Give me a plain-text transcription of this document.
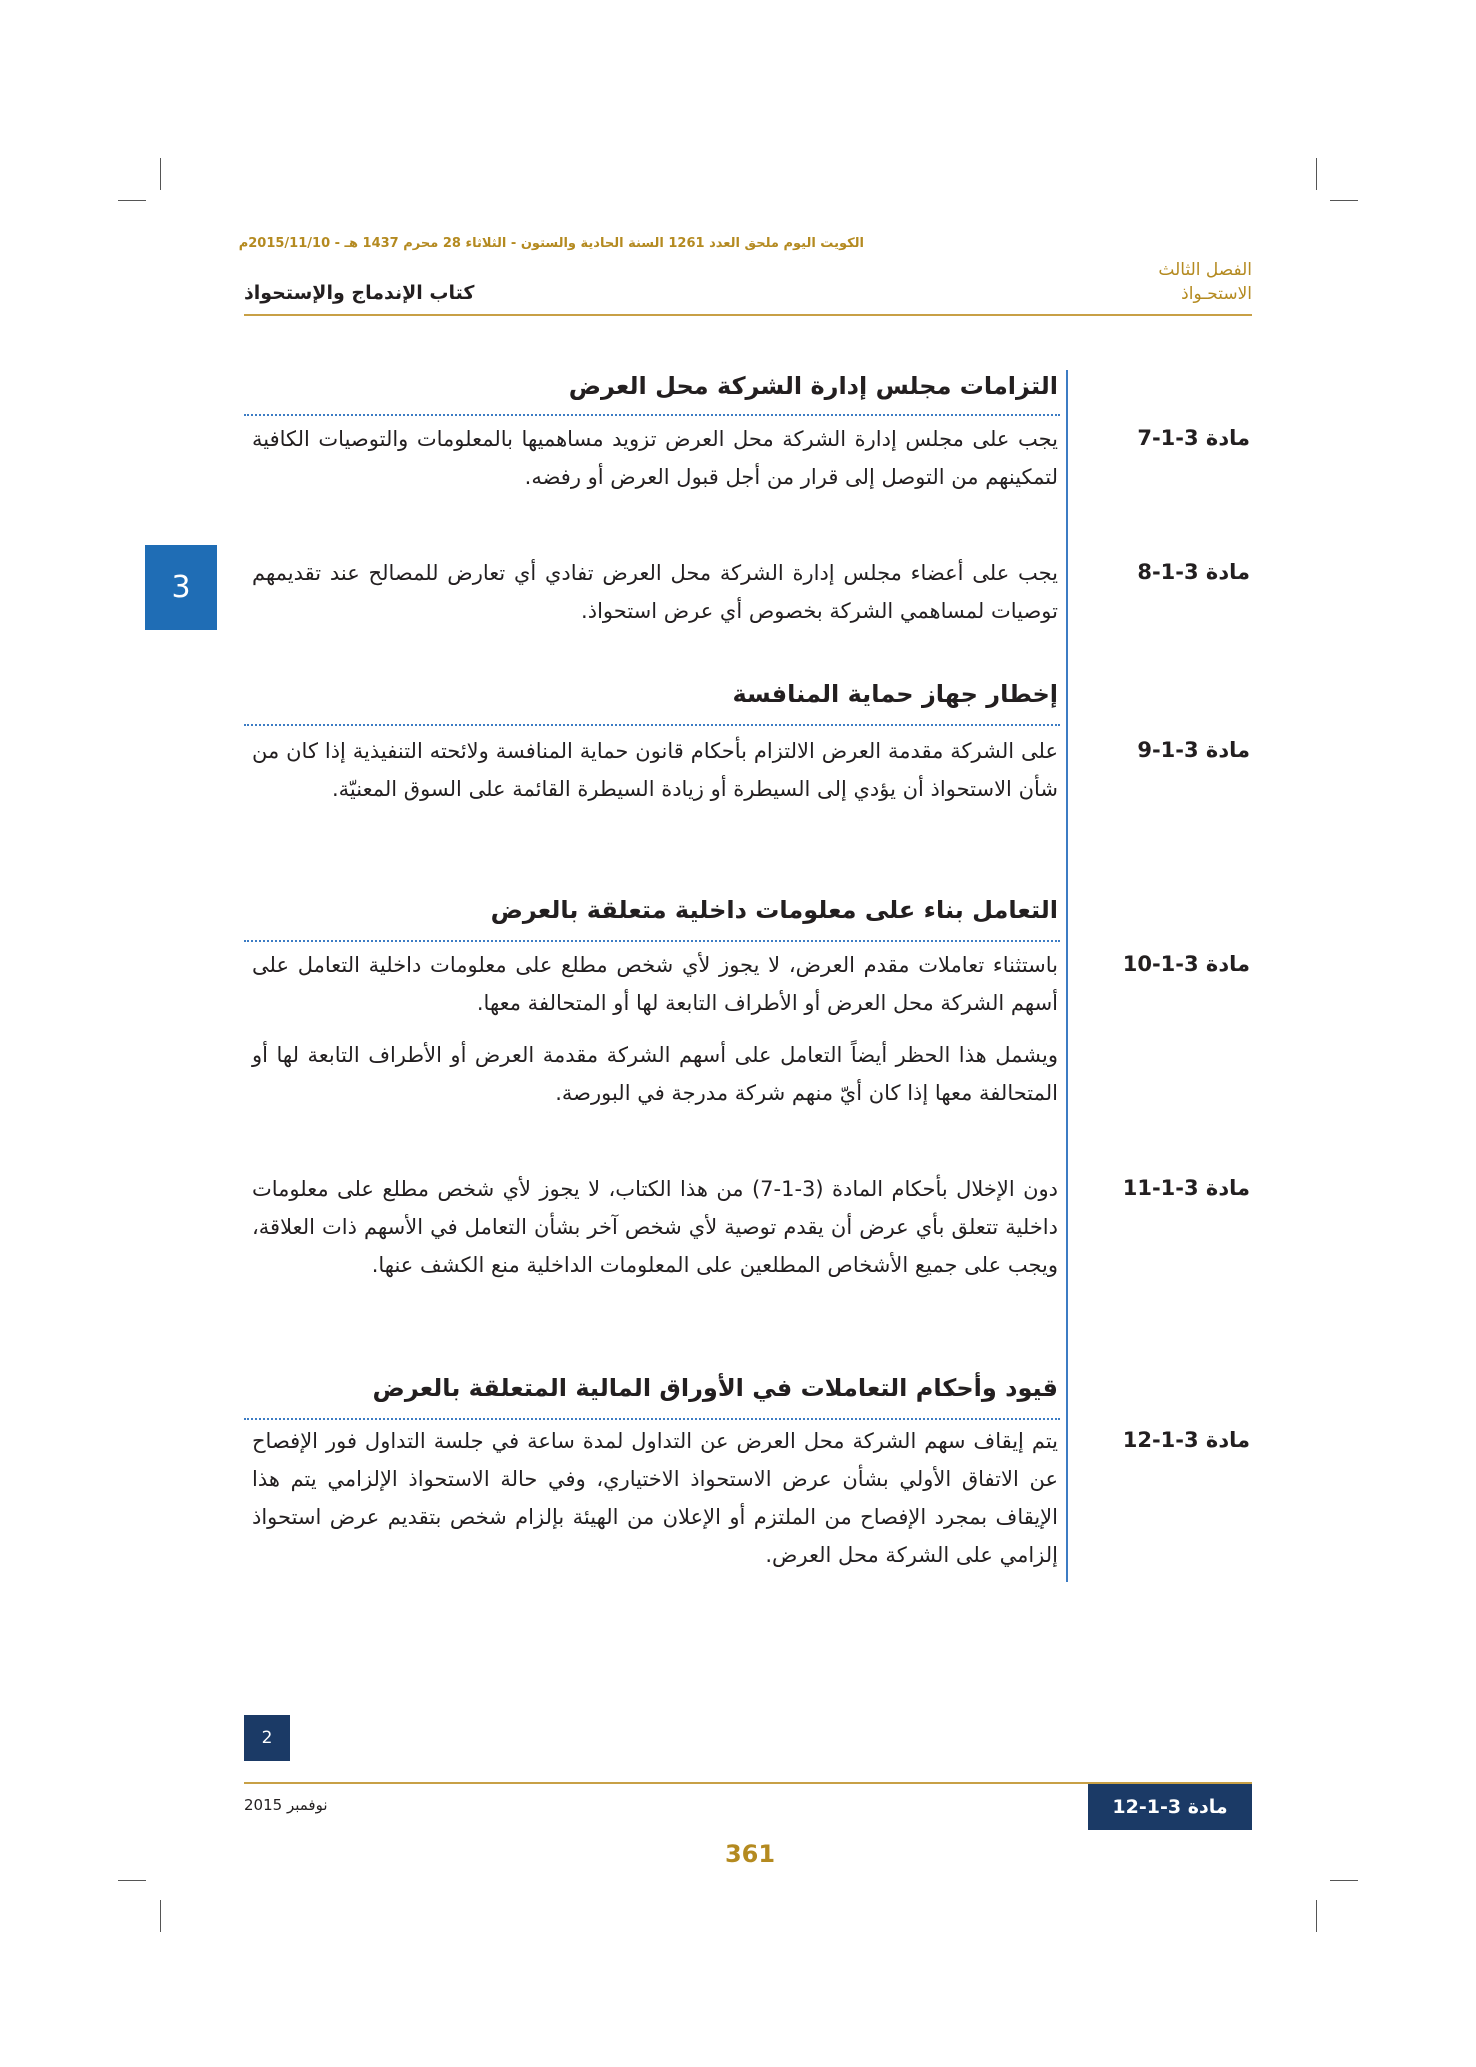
الكويت اليوم ملحق العدد 1261 السنة الحادية والستون - الثلاثاء 28 محرم 1437 هـ - 2015/11/10م
الفصل الثالث
الاستحـواذ
كتاب الإندماج والإستحواذ
3
التزامات مجلس إدارة الشركة محل العرض
مادة 3-1-7
يجب على مجلس إدارة الشركة محل العرض تزويد مساهميها بالمعلومات والتوصيات الكافية لتمكينهم من التوصل إلى قرار من أجل قبول العرض أو رفضه.
مادة 3-1-8
يجب على أعضاء مجلس إدارة الشركة محل العرض تفادي أي تعارض للمصالح عند تقديمهم توصيات لمساهمي الشركة بخصوص أي عرض استحواذ.
إخطار جهاز حماية المنافسة
مادة 3-1-9
على الشركة مقدمة العرض الالتزام بأحكام قانون حماية المنافسة ولائحته التنفيذية إذا كان من شأن الاستحواذ أن يؤدي إلى السيطرة أو زيادة السيطرة القائمة على السوق المعنيّة.
التعامل بناء على معلومات داخلية متعلقة بالعرض
مادة 3-1-10
باستثناء تعاملات مقدم العرض، لا يجوز لأي شخص مطلع على معلومات داخلية التعامل على أسهم الشركة محل العرض أو الأطراف التابعة لها أو المتحالفة معها.
ويشمل هذا الحظر أيضاً التعامل على أسهم الشركة مقدمة العرض أو الأطراف التابعة لها أو المتحالفة معها إذا كان أيّ منهم شركة مدرجة في البورصة.
مادة 3-1-11
دون الإخلال بأحكام المادة (3-1-7) من هذا الكتاب، لا يجوز لأي شخص مطلع على معلومات داخلية تتعلق بأي عرض أن يقدم توصية لأي شخص آخر بشأن التعامل في الأسهم ذات العلاقة، ويجب على جميع الأشخاص المطلعين على المعلومات الداخلية منع الكشف عنها.
قيود وأحكام التعاملات في الأوراق المالية المتعلقة بالعرض
مادة 3-1-12
يتم إيقاف سهم الشركة محل العرض عن التداول لمدة ساعة في جلسة التداول فور الإفصاح عن الاتفاق الأولي بشأن عرض الاستحواذ الاختياري، وفي حالة الاستحواذ الإلزامي يتم هذا الإيقاف بمجرد الإفصاح من الملتزم أو الإعلان من الهيئة بإلزام شخص بتقديم عرض استحواذ إلزامي على الشركة محل العرض.
2
نوفمبر 2015	مادة 3-1-12
361
